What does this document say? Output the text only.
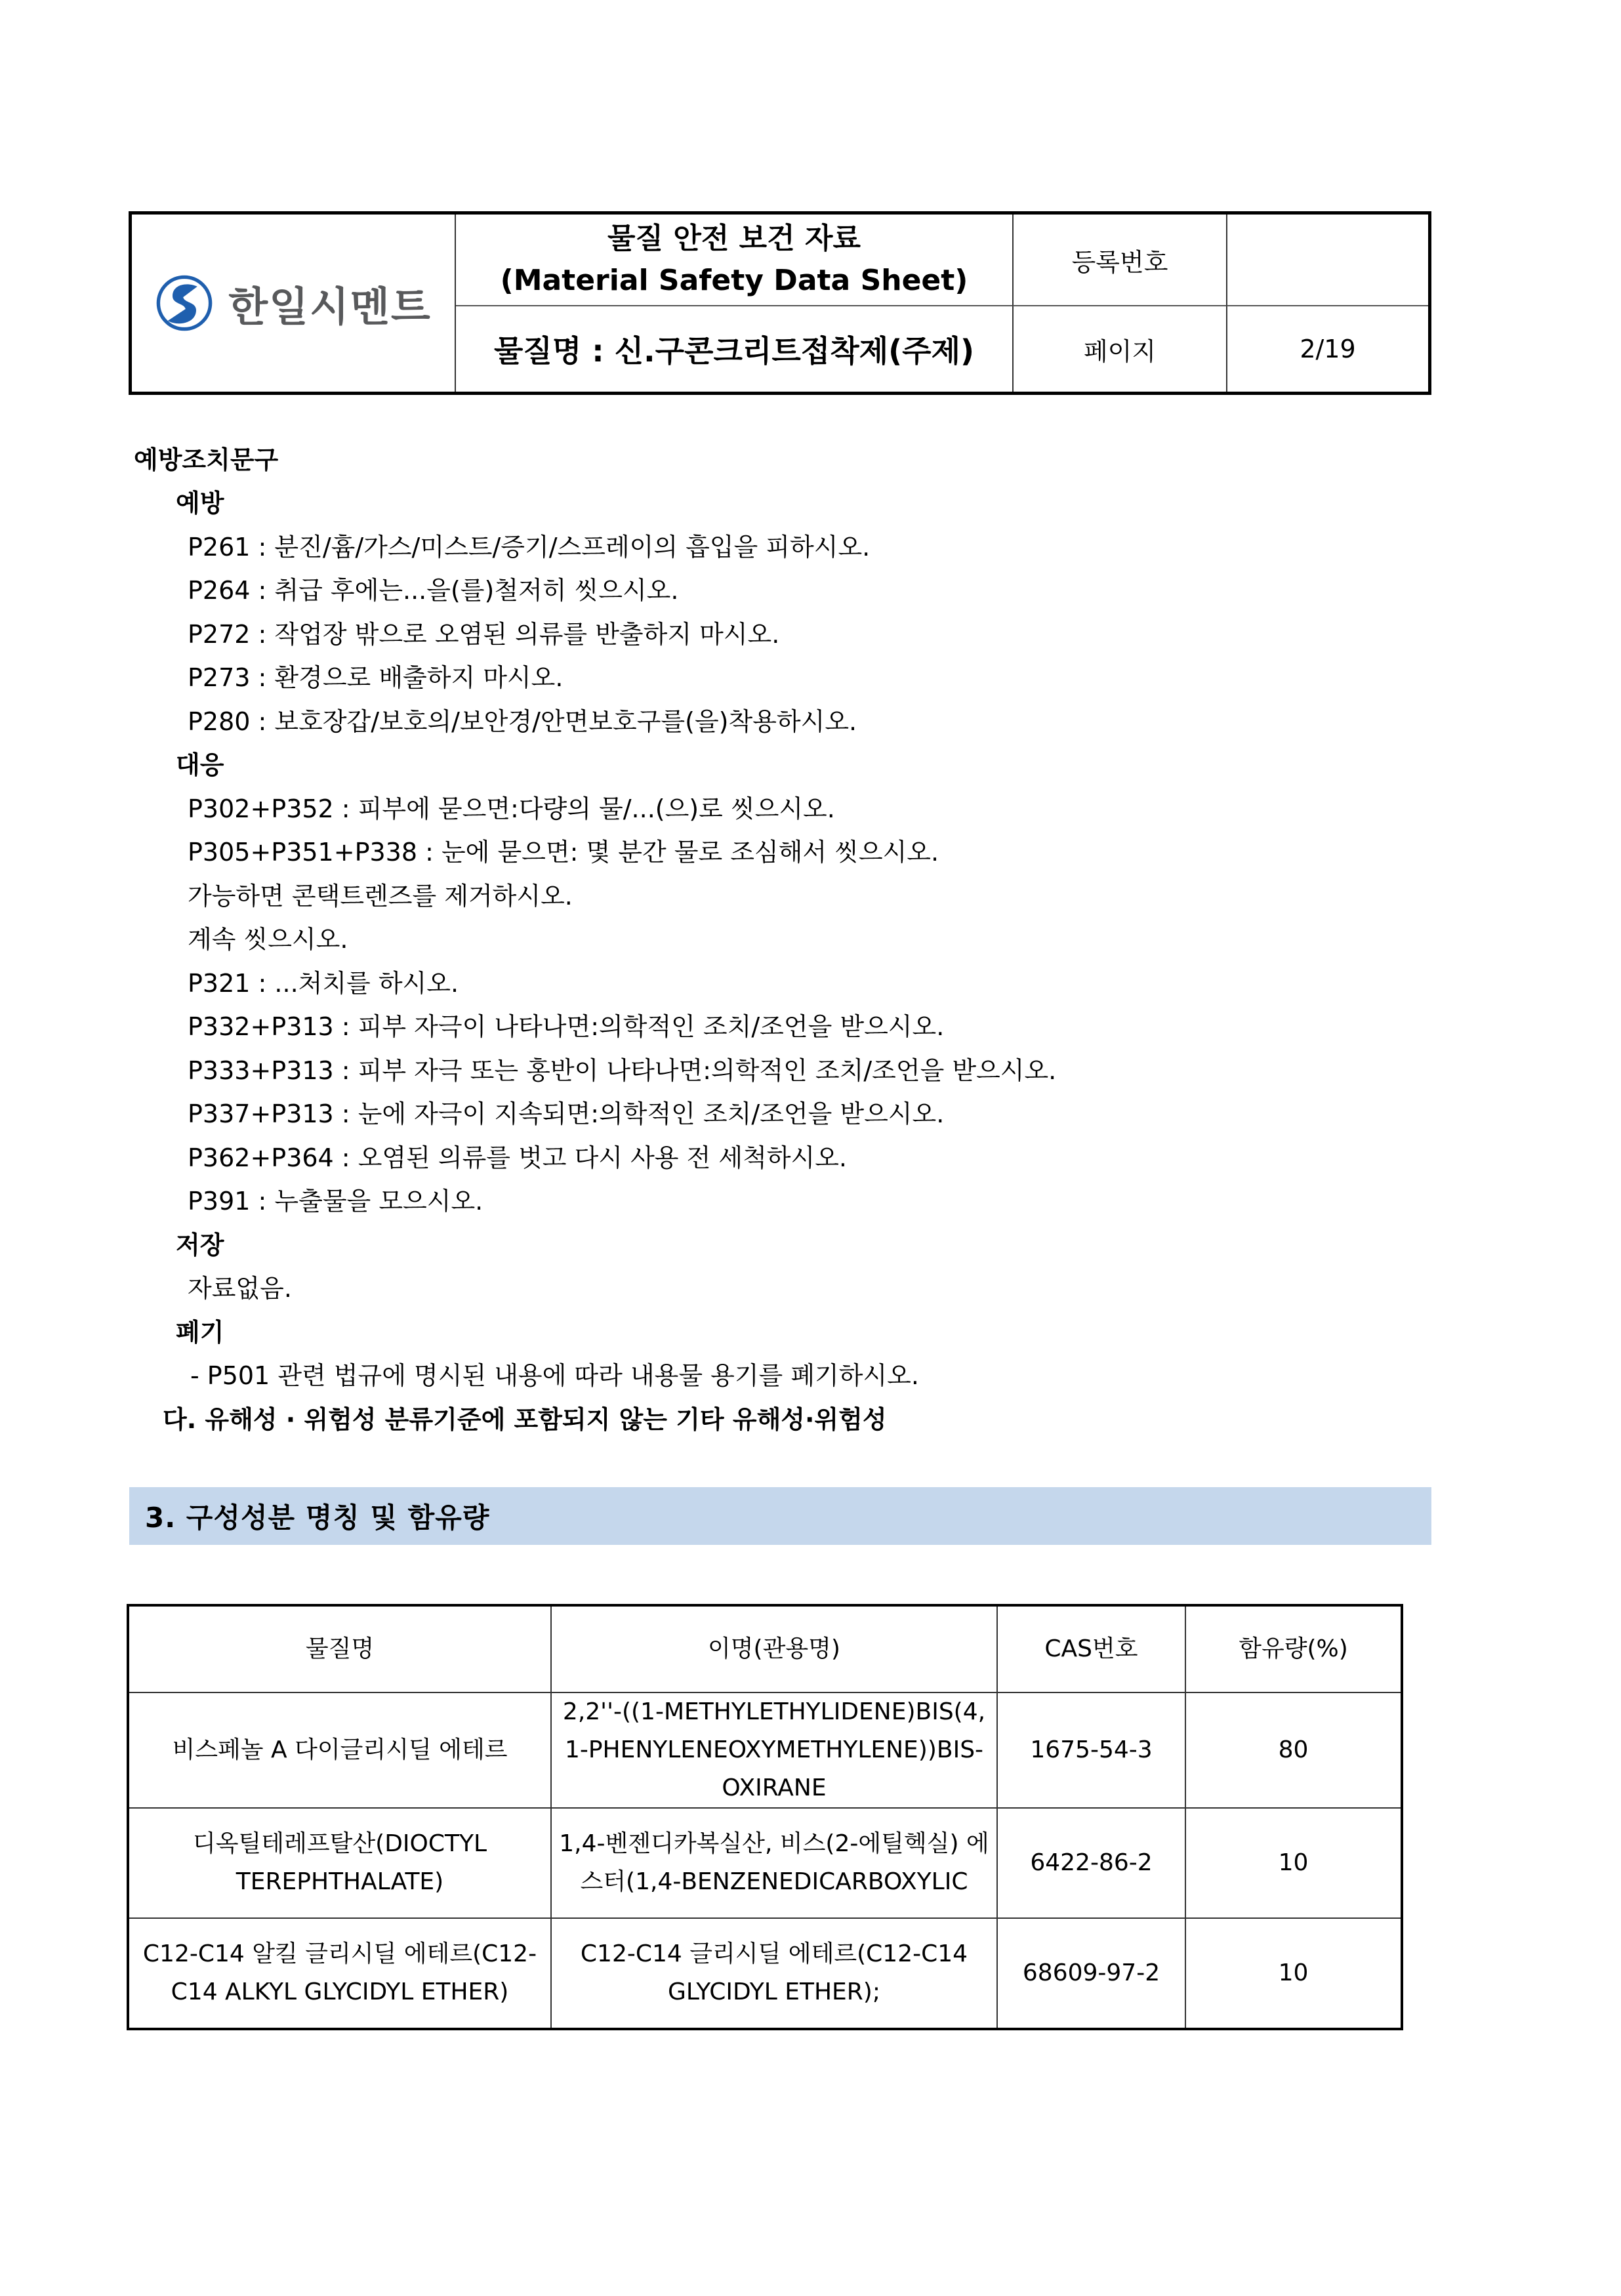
한일시멘트
물질 안전 보건 자료
(Material Safety Data Sheet)
물질명 : 신.구콘크리트접착제(주제)
등록번호
페이지	2/19
예방조치문구
예방
P261 : 분진/흄/가스/미스트/증기/스프레이의 흡입을 피하시오.
P264 : 취급 후에는...을(를)철저히 씻으시오.
P272 : 작업장 밖으로 오염된 의류를 반출하지 마시오.
P273 : 환경으로 배출하지 마시오.
P280 : 보호장갑/보호의/보안경/안면보호구를(을)착용하시오.
대응
P302+P352 : 피부에 묻으면:다량의 물/...(으)로 씻으시오.
P305+P351+P338 : 눈에 묻으면: 몇 분간 물로 조심해서 씻으시오.
가능하면 콘택트렌즈를 제거하시오.
계속 씻으시오.
P321 : ...처치를 하시오.
P332+P313 : 피부 자극이 나타나면:의학적인 조치/조언을 받으시오.
P333+P313 : 피부 자극 또는 홍반이 나타나면:의학적인 조치/조언을 받으시오.
P337+P313 : 눈에 자극이 지속되면:의학적인 조치/조언을 받으시오.
P362+P364 : 오염된 의류를 벗고 다시 사용 전 세척하시오.
P391 : 누출물을 모으시오.
저장
자료없음.
폐기
- P501 관련 법규에 명시된 내용에 따라 내용물 용기를 폐기하시오.
다. 유해성 · 위험성 분류기준에 포함되지 않는 기타 유해성·위험성
3. 구성성분 명칭 및 함유량
물질명	이명(관용명)	CAS번호	함유량(%)
비스페놀 A 다이글리시딜 에테르	2,2''-((1-METHYLETHYLIDENE)BIS(4,1-PHENYLENEOXYMETHYLENE))BIS-OXIRANE	1675-54-3	80
디옥틸테레프탈산(DIOCTYL TEREPHTHALATE)	1,4-벤젠디카복실산, 비스(2-에틸헥실) 에스터(1,4-BENZENEDICARBOXYLIC	6422-86-2	10
C12-C14 알킬 글리시딜 에테르(C12-C14 ALKYL GLYCIDYL ETHER)	C12-C14 글리시딜 에테르(C12-C14 GLYCIDYL ETHER);	68609-97-2	10
